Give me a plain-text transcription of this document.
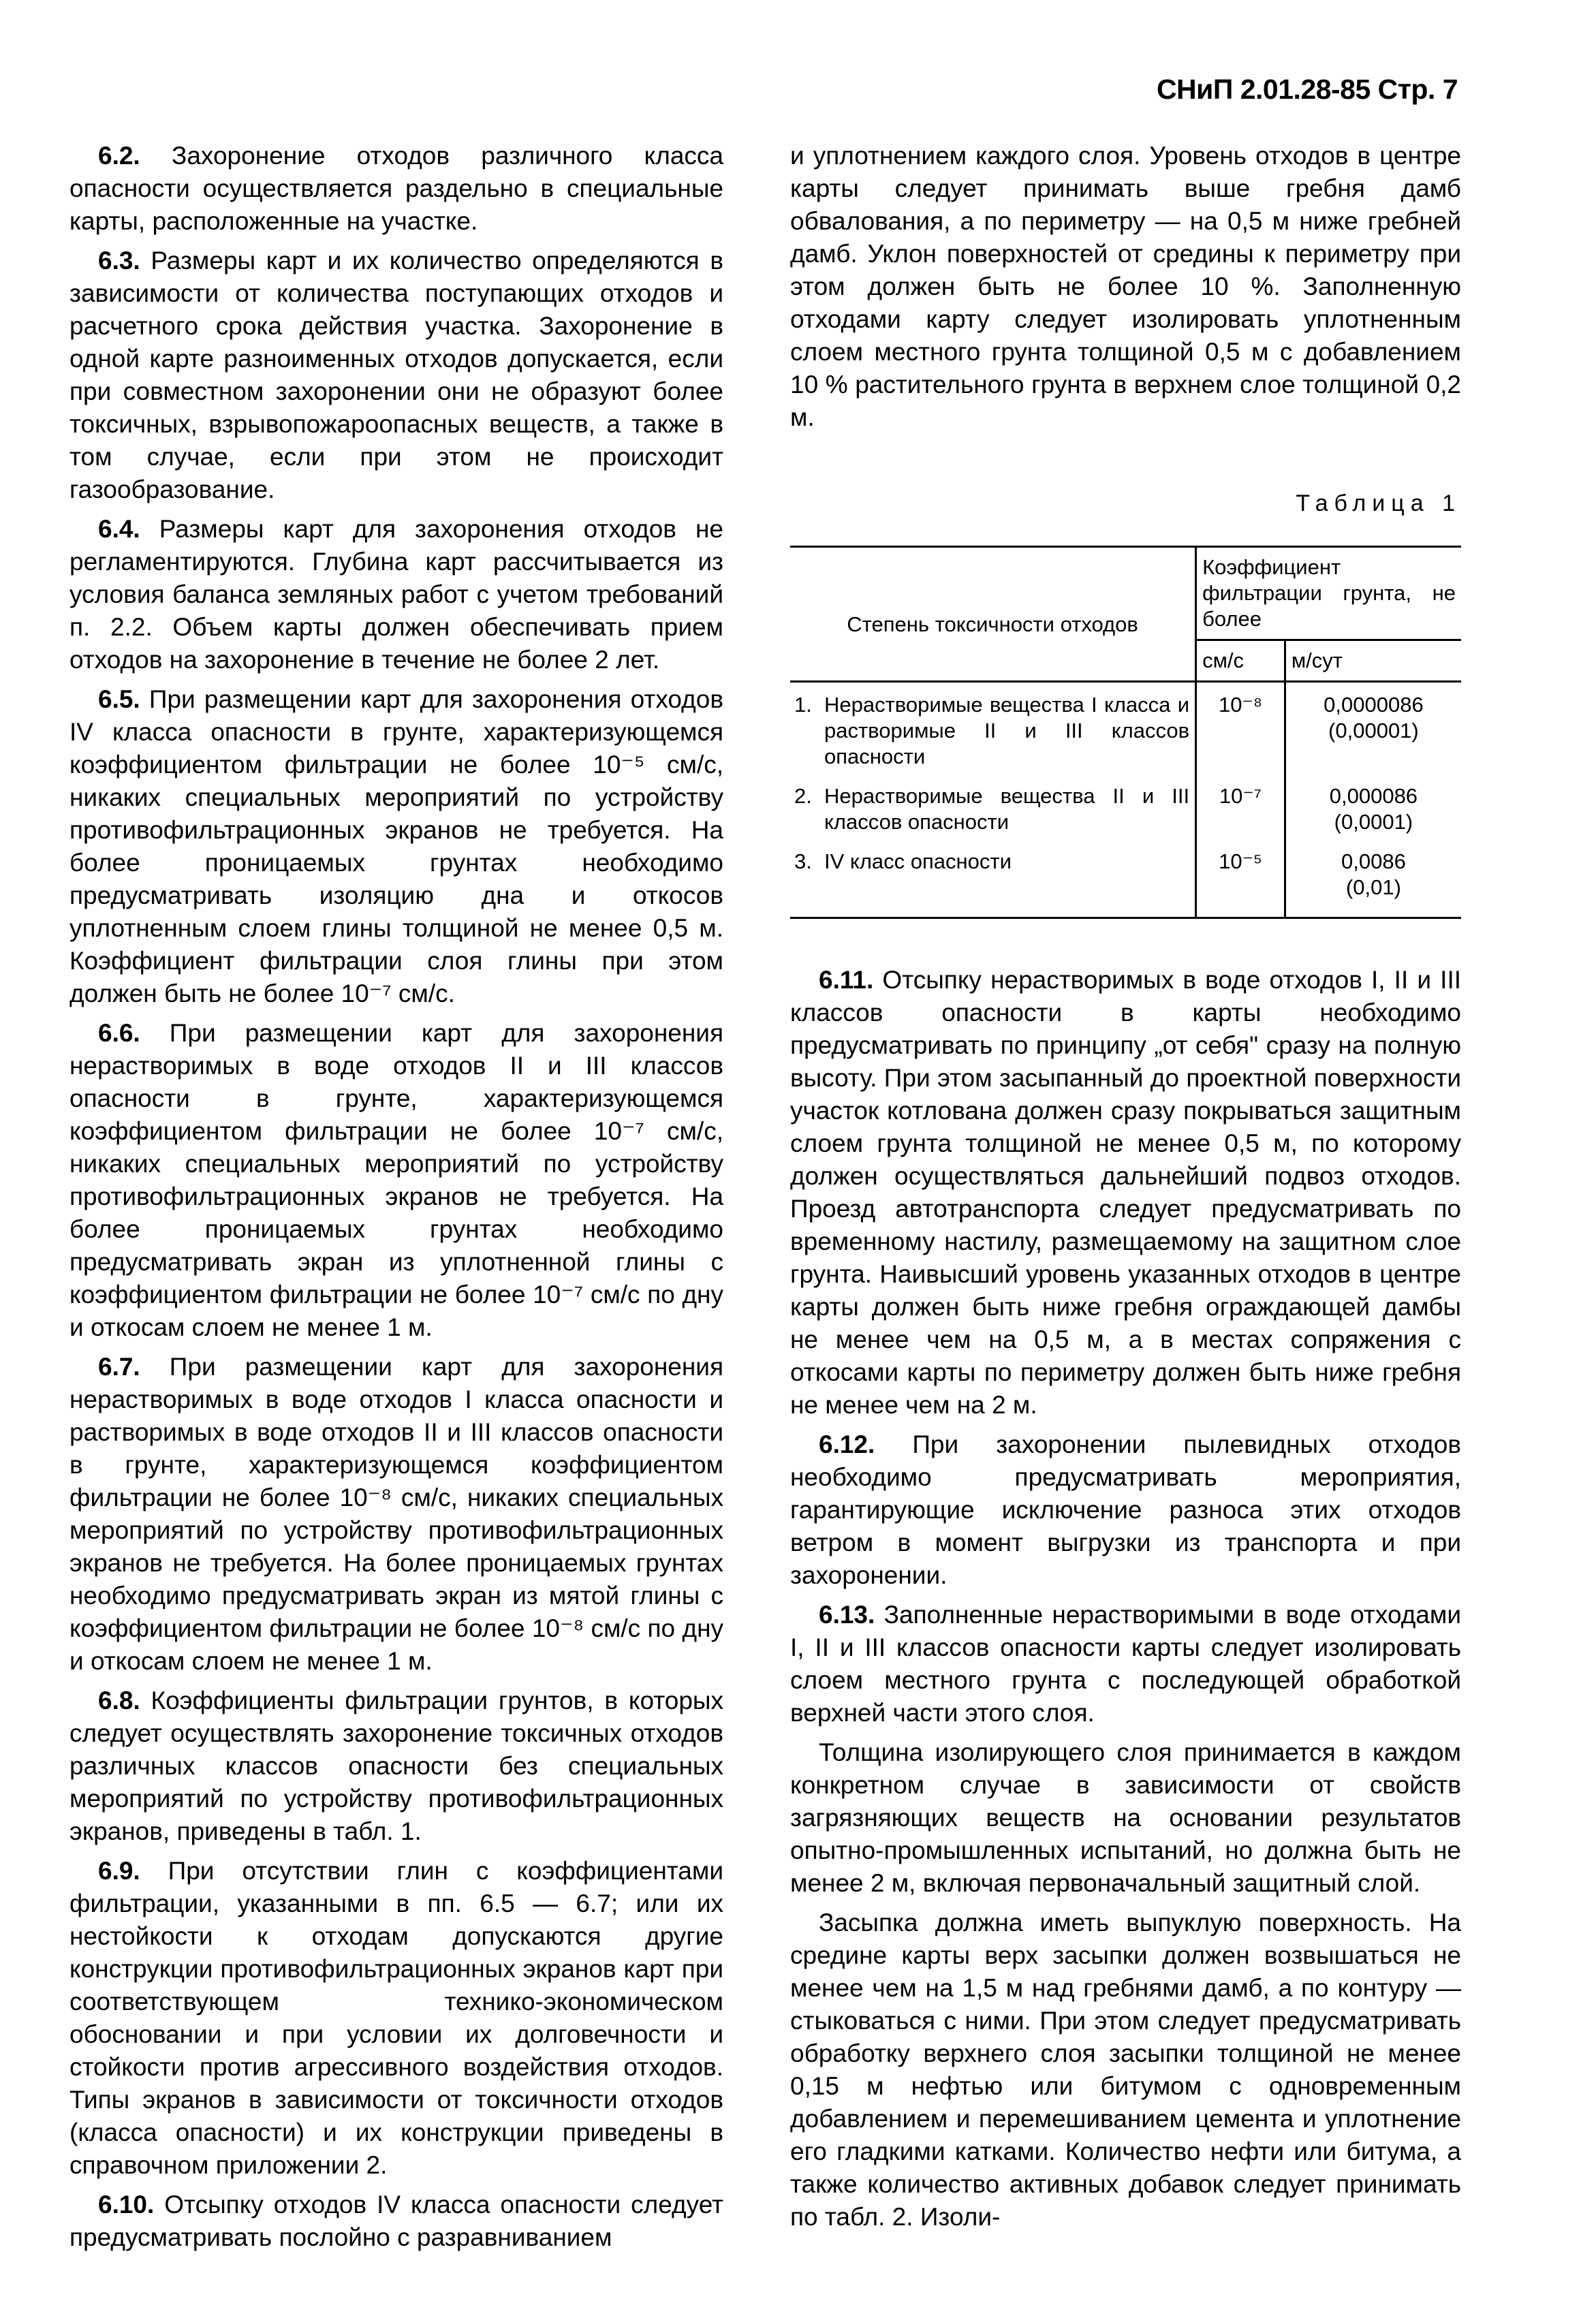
СНиП 2.01.28-85 Стр. 7

6.2. Захоронение отходов различного класса опасности осуществляется раздельно в специальные карты, расположенные на участке.

6.3. Размеры карт и их количество определяются в зависимости от количества поступающих отходов и расчетного срока действия участка. Захоронение в одной карте разноименных отходов допускается, если при совместном захоронении они не образуют более токсичных, взрывопожароопасных веществ, а также в том случае, если при этом не происходит газообразование.

6.4. Размеры карт для захоронения отходов не регламентируются. Глубина карт рассчитывается из условия баланса земляных работ с учетом требований п. 2.2. Объем карты должен обеспечивать прием отходов на захоронение в течение не более 2 лет.

6.5. При размещении карт для захоронения отходов IV класса опасности в грунте, характеризующемся коэффициентом фильтрации не более 10⁻⁵ см/с, никаких специальных мероприятий по устройству противофильтрационных экранов не требуется. На более проницаемых грунтах необходимо предусматривать изоляцию дна и откосов уплотненным слоем глины толщиной не менее 0,5 м. Коэффициент фильтрации слоя глины при этом должен быть не более 10⁻⁷ см/с.

6.6. При размещении карт для захоронения нерастворимых в воде отходов II и III классов опасности в грунте, характеризующемся коэффициентом фильтрации не более 10⁻⁷ см/с, никаких специальных мероприятий по устройству противофильтрационных экранов не требуется. На более проницаемых грунтах необходимо предусматривать экран из уплотненной глины с коэффициентом фильтрации не более 10⁻⁷ см/с по дну и откосам слоем не менее 1 м.

6.7. При размещении карт для захоронения нерастворимых в воде отходов I класса опасности и растворимых в воде отходов II и III классов опасности в грунте, характеризующемся коэффициентом фильтрации не более 10⁻⁸ см/с, никаких специальных мероприятий по устройству противофильтрационных экранов не требуется. На более проницаемых грунтах необходимо предусматривать экран из мятой глины с коэффициентом фильтрации не более 10⁻⁸ см/с по дну и откосам слоем не менее 1 м.

6.8. Коэффициенты фильтрации грунтов, в которых следует осуществлять захоронение токсичных отходов различных классов опасности без специальных мероприятий по устройству противофильтрационных экранов, приведены в табл. 1.

6.9. При отсутствии глин с коэффициентами фильтрации, указанными в пп. 6.5 — 6.7; или их нестойкости к отходам допускаются другие конструкции противофильтрационных экранов карт при соответствующем технико-экономическом обосновании и при условии их долговечности и стойкости против агрессивного воздействия отходов. Типы экранов в зависимости от токсичности отходов (класса опасности) и их конструкции приведены в справочном приложении 2.

6.10. Отсыпку отходов IV класса опасности следует предусматривать послойно с разравниванием

и уплотнением каждого слоя. Уровень отходов в центре карты следует принимать выше гребня дамб обвалования, а по периметру — на 0,5 м ниже гребней дамб. Уклон поверхностей от средины к периметру при этом должен быть не более 10 %. Заполненную отходами карту следует изолировать уплотненным слоем местного грунта толщиной 0,5 м с добавлением 10 % растительного грунта в верхнем слое толщиной 0,2 м.

Таблица 1
Степень токсичности отходов		Коэффициент фильтрации грунта, не более	
		см/с	м/сут
1.	Нерастворимые вещества I класса и растворимые II и III классов опасности	10⁻⁸	0,0000086
(0,00001)
2.	Нерастворимые вещества II и III классов опасности	10⁻⁷	0,000086
(0,0001)
3.	IV класс опасности	10⁻⁵	0,0086
(0,01)

6.11. Отсыпку нерастворимых в воде отходов I, II и III классов опасности в карты необходимо предусматривать по принципу „от себя" сразу на полную высоту. При этом засыпанный до проектной поверхности участок котлована должен сразу покрываться защитным слоем грунта толщиной не менее 0,5 м, по которому должен осуществляться дальнейший подвоз отходов. Проезд автотранспорта следует предусматривать по временному настилу, размещаемому на защитном слое грунта. Наивысший уровень указанных отходов в центре карты должен быть ниже гребня ограждающей дамбы не менее чем на 0,5 м, а в местах сопряжения с откосами карты по периметру должен быть ниже гребня не менее чем на 2 м.

6.12. При захоронении пылевидных отходов необходимо предусматривать мероприятия, гарантирующие исключение разноса этих отходов ветром в момент выгрузки из транспорта и при захоронении.

6.13. Заполненные нерастворимыми в воде отходами I, II и III классов опасности карты следует изолировать слоем местного грунта с последующей обработкой верхней части этого слоя.

Толщина изолирующего слоя принимается в каждом конкретном случае в зависимости от свойств загрязняющих веществ на основании результатов опытно-промышленных испытаний, но должна быть не менее 2 м, включая первоначальный защитный слой.

Засыпка должна иметь выпуклую поверхность. На средине карты верх засыпки должен возвышаться не менее чем на 1,5 м над гребнями дамб, а по контуру — стыковаться с ними. При этом следует предусматривать обработку верхнего слоя засыпки толщиной не менее 0,15 м нефтью или битумом с одновременным добавлением и перемешиванием цемента и уплотнение его гладкими катками. Количество нефти или битума, а также количество активных добавок следует принимать по табл. 2. Изоли-
